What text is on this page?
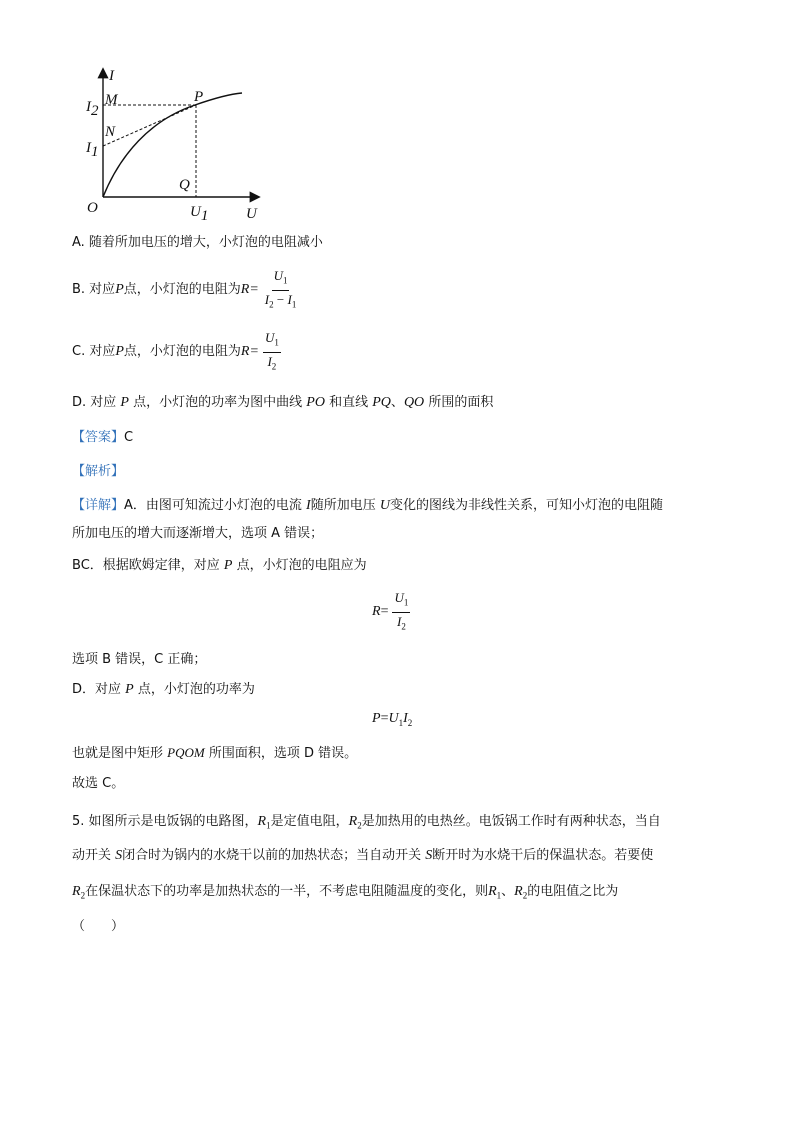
I
U
O
M	P
N
Q
I2
I1
U1
A. 随着所加电压的增大，小灯泡的电阻减小
B. 对应 P 点，小灯泡的电阻为 $R= \frac{U_1}{I_2 - I_1}$
C. 对应 P 点，小灯泡的电阻为 $R= \frac{U_1}{I_2}$
D. 对应 P 点，小灯泡的功率为图中曲线 PO 和直线 PQ、QO 所围的面积
【答案】C
【解析】
【详解】A．由图可知流过小灯泡的电流 I随所加电压 U变化的图线为非线性关系，可知小灯泡的电阻随
所加电压的增大而逐渐增大，选项 A 错误；
BC．根据欧姆定律，对应 P 点，小灯泡的电阻应为
$R= \frac{U_1}{I_2}$
选项 B 错误，C 正确；
D．对应 P 点，小灯泡的功率为
$P=U_1I_2$
也就是图中矩形 PQOM 所围面积，选项 D 错误。
故选 C。
5. 如图所示是电饭锅的电路图，$R_1$是定值电阻，$R_2$是加热用的电热丝。电饭锅工作时有两种状态，当自
动开关 S闭合时为锅内的水烧干以前的加热状态；当自动开关 S断开时为水烧干后的保温状态。若要使
$R_2$在保温状态下的功率是加热状态的一半，不考虑电阻随温度的变化，则$R_1$、$R_2$的电阻值之比为
（　　）
